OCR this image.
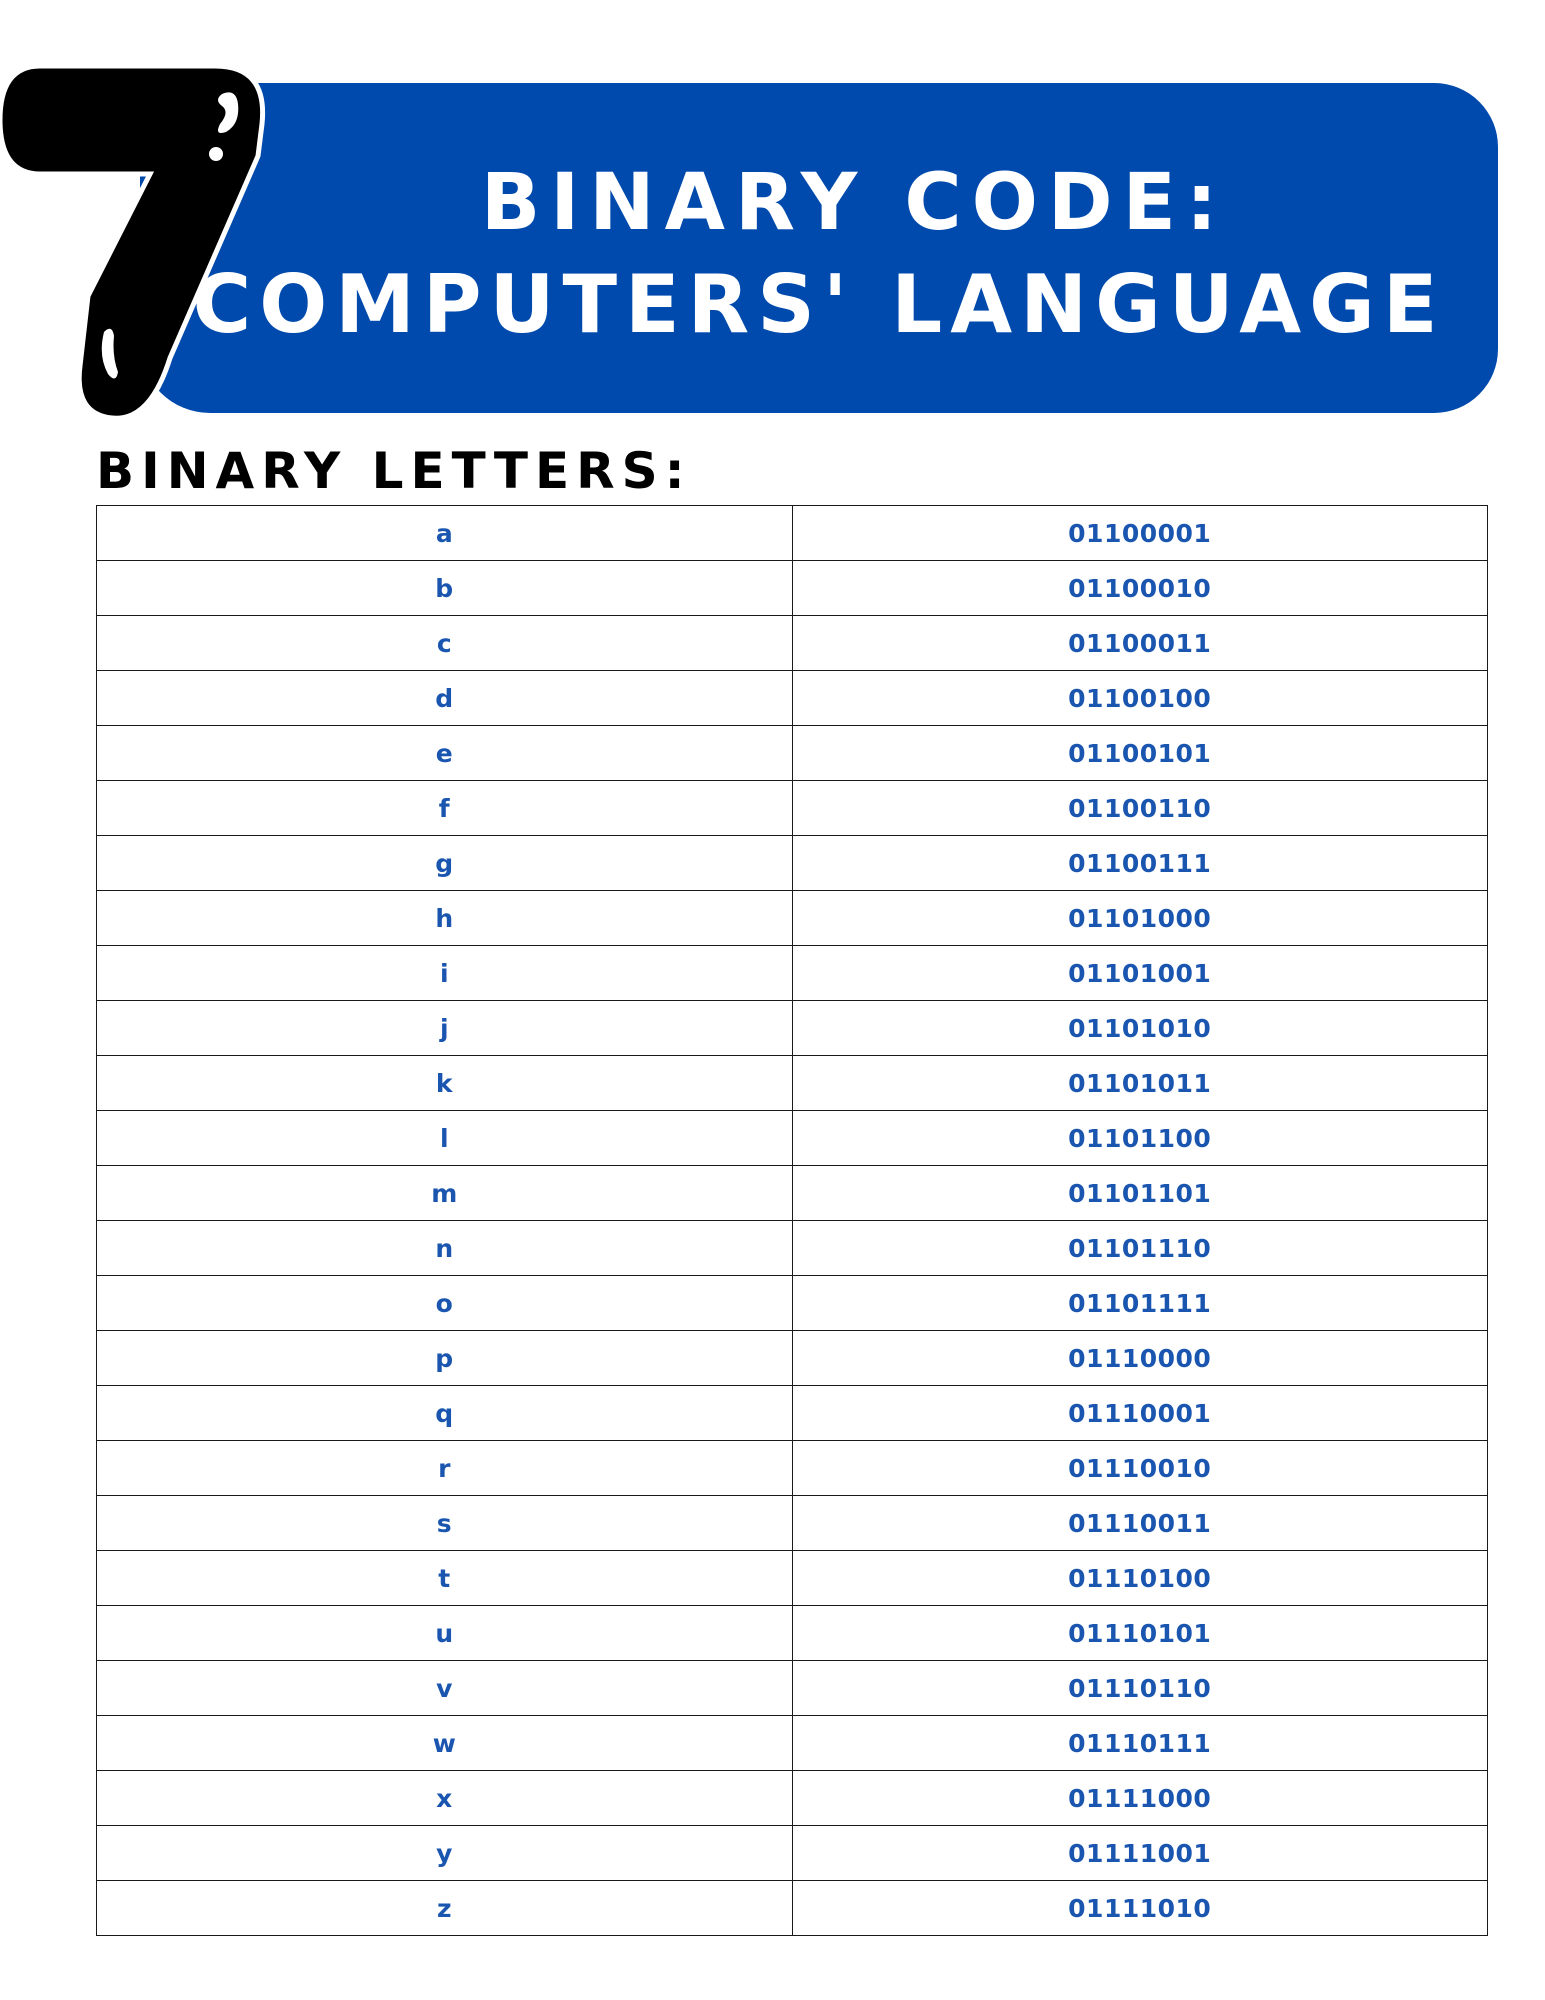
7
BINARY CODE:
COMPUTERS' LANGUAGE
BINARY LETTERS:
a	01100001
b	01100010
c	01100011
d	01100100
e	01100101
f	01100110
g	01100111
h	01101000
i	01101001
j	01101010
k	01101011
l	01101100
m	01101101
n	01101110
o	01101111
p	01110000
q	01110001
r	01110010
s	01110011
t	01110100
u	01110101
v	01110110
w	01110111
x	01111000
y	01111001
z	01111010
